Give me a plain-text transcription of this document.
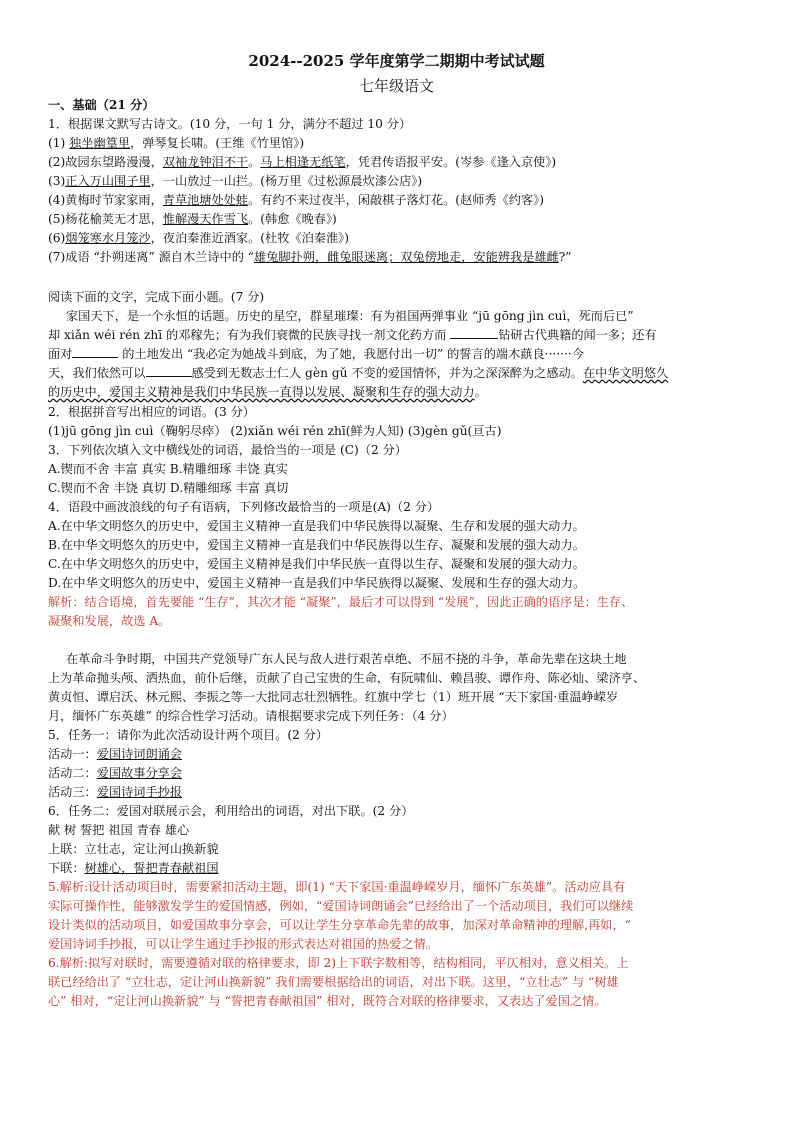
2024--2025 学年度第学二期期中考试试题
七年级语文
一、基础（21 分）
1．根据课文默写古诗文。(10 分，一句 1 分，满分不超过 10 分）
(1) 独坐幽篁里，弹琴复长啸。(王维《竹里馆》)
(2)故园东望路漫漫，双袖龙钟泪不干。马上相逢无纸笔，凭君传语报平安。(岑参《逢入京使》)
(3)正入万山围子里，一山放过一山拦。(杨万里《过松源晨炊漆公店》)
(4)黄梅时节家家雨，青草池塘处处蛙。有约不来过夜半，闲敲棋子落灯花。(赵师秀《约客》)
(5)杨花榆荚无才思，惟解漫天作雪飞。(韩愈《晚春》)
(6)烟笼寒水月笼沙，夜泊秦淮近酒家。(杜牧《泊秦淮》)
(7)成语 “扑朔迷离” 源自木兰诗中的 “雄兔脚扑朔，雌兔眼迷离；双兔傍地走，安能辨我是雄雌?”
阅读下面的文字，完成下面小题。(7 分)
家国天下，是一个永恒的话题。历史的星空，群星璀璨：有为祖国两弹事业 “jū gōng jìn cuì，死而后已”
却 xiǎn wéi rén zhī 的邓稼先；有为我们衰微的民族寻找一剂文化药方而	钻研古代典籍的闻一多；还有
面对	的土地发出 “我必定为她战斗到底，为了她，我愿付出一切” 的誓言的端木蕻良·······今
天，我们依然可以	感受到无数志士仁人 gèn gǔ 不变的爱国情怀，并为之深深醉为之感动。在中华文明悠久
的历史中，爱国主义精神是我们中华民族一直得以发展、凝聚和生存的强大动力。
2．根据拼音写出相应的词语。(3 分）
(1)jū gōng jìn cuì（鞠躬尽瘁） (2)xiǎn wéi rén zhī(鲜为人知) (3)gèn gǔ(亘古)
3．下列依次填入文中横线处的词语，最恰当的一项是 (C)（2 分）
A.锲而不舍 丰富 真实 B.精雕细琢 丰饶 真实
C.锲而不舍 丰饶 真切 D.精雕细琢 丰富 真切
4．语段中画波浪线的句子有语病，下列修改最恰当的一项是(A)（2 分）
A.在中华文明悠久的历史中，爱国主义精神一直是我们中华民族得以凝聚、生存和发展的强大动力。
B.在中华文明悠久的历史中，爱国主义精神一直是我们中华民族得以生存、凝聚和发展的强大动力。
C.在中华文明悠久的历史中，爱国主义精神是我们中华民族一直得以生存、凝聚和发展的强大动力。
D.在中华文明悠久的历史中，爱国主义精神一直是我们中华民族得以凝聚、发展和生存的强大动力。
解析：结合语境，首先要能 “生存”，其次才能 “凝聚”，最后才可以得到 “发展”，因此正确的语序是：生存、
凝聚和发展，故选 A。
在革命斗争时期，中国共产党领导广东人民与敌人进行艰苦卓绝、不屈不挠的斗争，革命先辈在这块土地
上为革命抛头颅、洒热血，前仆后继，贡献了自己宝贵的生命，有阮啸仙、赖昌骏、谭作舟、陈必灿、梁济亨、
黄贞恒、谭启沃、林元熙、李振之等一大批同志壮烈牺牲。红旗中学七（1）班开展 “天下家国·重温峥嵘岁
月，缅怀广东英雄” 的综合性学习活动。请根据要求完成下列任务：（4 分）
5．任务一：请你为此次活动设计两个项目。(2 分）
活动一：爱国诗词朗诵会
活动二：爱国故事分享会
活动三：爱国诗词手抄报
6．任务二：爱国对联展示会，利用给出的词语，对出下联。(2 分）
献 树 誓把 祖国 青春 雄心
上联：立壮志，定让河山换新貌
下联：树雄心，誓把青春献祖国
5.解析:设计活动项目时，需要紧扣活动主题，即(1) “天下家国·重温峥嵘岁月，缅怀广东英雄”。活动应具有
实际可操作性，能够激发学生的爱国情感，例如，“爱国诗词朗诵会”已经给出了一个活动项目，我们可以继续
设计类似的活动项目，如爱国故事分享会，可以让学生分享革命先辈的故事，加深对革命精神的理解,再如，“
爱国诗词手抄报，可以让学生通过手抄报的形式表达对祖国的热爱之情。
6.解析:拟写对联时，需要遵循对联的格律要求，即 2)上下联字数相等，结构相同，平仄相对，意义相关。上
联已经给出了 “立壮志，定让河山换新貌” 我们需要根据给出的词语，对出下联。这里，“立壮志” 与 “树雄
心” 相对，“定让河山换新貌” 与 “誓把青春献祖国” 相对，既符合对联的格律要求，又表达了爱国之情。
